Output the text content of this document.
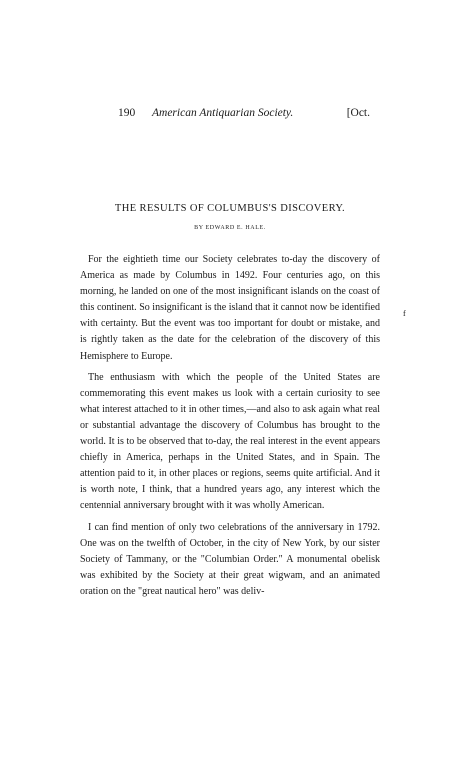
190 American Antiquarian Society.	[Oct.
THE RESULTS OF COLUMBUS'S DISCOVERY.
BY EDWARD E. HALE.

For the eightieth time our Society celebrates to-day the discovery of America as made by Columbus in 1492. Four centuries ago, on this morning, he landed on one of the most insignificant islands on the coast of this continent. So insignificant is the island that it cannot now be identified with certainty. But the event was too important for doubt or mistake, and is rightly taken as the date for the celebration of the discovery of this Hemisphere to Europe.

The enthusiasm with which the people of the United States are commemorating this event makes us look with a certain curiosity to see what interest attached to it in other times,—and also to ask again what real or substantial advantage the discovery of Columbus has brought to the world. It is to be observed that to-day, the real interest in the event appears chiefly in America, perhaps in the United States, and in Spain. The attention paid to it, in other places or regions, seems quite artificial. And it is worth note, I think, that a hundred years ago, any interest which the centennial anniversary brought with it was wholly American.

I can find mention of only two celebrations of the anniversary in 1792. One was on the twelfth of October, in the city of New York, by our sister Society of Tammany, or the "Columbian Order." A monumental obelisk was exhibited by the Society at their great wigwam, and an animated oration on the "great nautical hero" was deliv-

f
